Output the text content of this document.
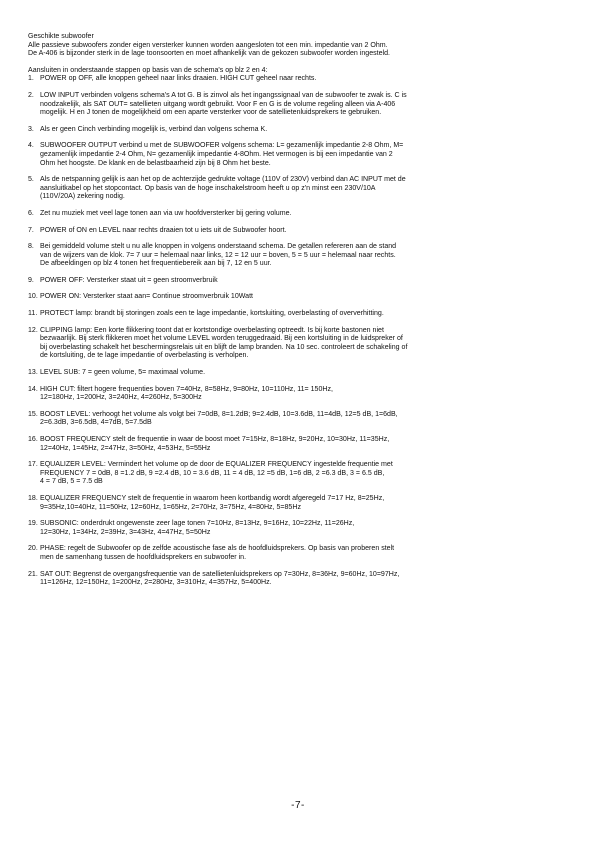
Geschikte subwoofer
Alle passieve subwoofers zonder eigen versterker kunnen worden aangesloten tot een min. impedantie van 2 Ohm.
De A-406 is bijzonder sterk in de lage toonsoorten en moet afhankelijk van de gekozen subwoofer worden ingesteld.
Aansluiten in onderstaande stappen op basis van de schema's op blz 2 en 4:
1. POWER op OFF, alle knoppen geheel naar links draaien. HIGH CUT geheel naar rechts.
2. LOW INPUT verbinden volgens schema's A tot G. B is zinvol als het ingangssignaal van de subwoofer te zwak is. C is
noodzakelijk, als SAT OUT= satellieten uitgang wordt gebruikt. Voor F en G is de volume regeling alleen via A-406
mogelijk. H en J tonen de mogelijkheid om een aparte versterker voor de satellietenluidsprekers te gebruiken.
3. Als er geen Cinch verbinding mogelijk is, verbind dan volgens schema K.
4. SUBWOOFER OUTPUT verbind u met de SUBWOOFER volgens schema: L= gezamenlijk impedantie 2-8 Ohm, M=
gezamenlijk impedantie 2-4 Ohm, N= gezamenlijk impedantie 4-8Ohm. Het vermogen is bij een impedantie van 2
Ohm het hoogste. De klank en de belastbaarheid zijn bij 8 Ohm het beste.
5. Als de netspanning gelijk is aan het op de achterzijde gedrukte voltage (110V of 230V) verbind dan AC INPUT met de
aansluitkabel op het stopcontact. Op basis van de hoge inschakelstroom heeft u op z'n minst een 230V/10A
(110V/20A) zekering nodig.
6. Zet nu muziek met veel lage tonen aan via uw hoofdversterker bij gering volume.
7. POWER of ON en LEVEL naar rechts draaien tot u iets uit de Subwoofer hoort.
8. Bei gemiddeld volume stelt u nu alle knoppen in volgens onderstaand schema. De getallen refereren aan de stand
van de wijzers van de klok. 7= 7 uur = helemaal naar links, 12 = 12 uur = boven, 5 = 5 uur = helemaal naar rechts.
De afbeeldingen op blz 4 tonen het frequentiebereik aan bij 7, 12 en 5 uur.
9. POWER OFF: Versterker staat uit = geen stroomverbruik
10. POWER ON: Versterker staat aan= Continue stroomverbruik 10Watt
11. PROTECT lamp: brandt bij storingen zoals een te lage impedantie, kortsluiting, overbelasting of oververhitting.
12. CLIPPING lamp: Een korte flikkering toont dat er kortstondige overbelasting optreedt. Is bij korte bastonen niet
bezwaarlijk. Bij sterk flikkeren moet het volume LEVEL worden teruggedraaid. Bij een kortsluiting in de luidspreker of
bij overbelasting schakelt het beschermingsrelais uit en blijft de lamp branden. Na 10 sec. controleert de schakeling of
de kortsluiting, de te lage impedantie of overbelasting is verholpen.
13. LEVEL SUB: 7 = geen volume, 5= maximaal volume.
14. HIGH CUT: filtert hogere frequenties boven 7=40Hz, 8=58Hz, 9=80Hz, 10=110Hz, 11= 150Hz,
12=180Hz, 1=200Hz, 3=240Hz, 4=260Hz, 5=300Hz
15. BOOST LEVEL: verhoogt het volume als volgt bei 7=0dB, 8=1.2dB; 9=2.4dB, 10=3.6dB, 11=4dB, 12=5 dB, 1=6dB,
2=6.3dB, 3=6.5dB, 4=7dB, 5=7.5dB
16. BOOST FREQUENCY stelt de frequentie in waar de boost moet 7=15Hz, 8=18Hz, 9=20Hz, 10=30Hz, 11=35Hz,
12=40Hz, 1=45Hz, 2=47Hz, 3=50Hz, 4=53Hz, 5=55Hz
17. EQUALIZER LEVEL: Vermindert het volume op de door de EQUALIZER FREQUENCY ingestelde frequentie met
FREQUENCY 7 = 0dB, 8 =1.2 dB, 9 =2.4 dB, 10 = 3.6 dB, 11 = 4 dB, 12 =5 dB, 1=6 dB, 2 =6.3 dB, 3 = 6.5 dB,
4 = 7 dB, 5 = 7.5 dB
18. EQUALIZER FREQUENCY stelt de frequentie in waarom heen kortbandig wordt afgeregeld 7=17 Hz, 8=25Hz,
9=35Hz,10=40Hz, 11=50Hz, 12=60Hz, 1=65Hz, 2=70Hz, 3=75Hz, 4=80Hz, 5=85Hz
19. SUBSONIC: onderdrukt ongewenste zeer lage tonen 7=10Hz, 8=13Hz, 9=16Hz, 10=22Hz, 11=26Hz,
12=30Hz, 1=34Hz, 2=39Hz, 3=43Hz, 4=47Hz, 5=50Hz
20. PHASE: regelt de Subwoofer op de zelfde acoustische fase als de hoofdluidsprekers. Op basis van proberen stelt
men de samenhang tussen de hoofdluidsprekers en subwoofer in.
21. SAT OUT: Begrenst de overgangsfrequentie van de satellietenluidsprekers op 7=30Hz, 8=36Hz, 9=60Hz, 10=97Hz,
11=126Hz, 12=150Hz, 1=200Hz, 2=280Hz, 3=310Hz, 4=357Hz, 5=400Hz.
-7-
